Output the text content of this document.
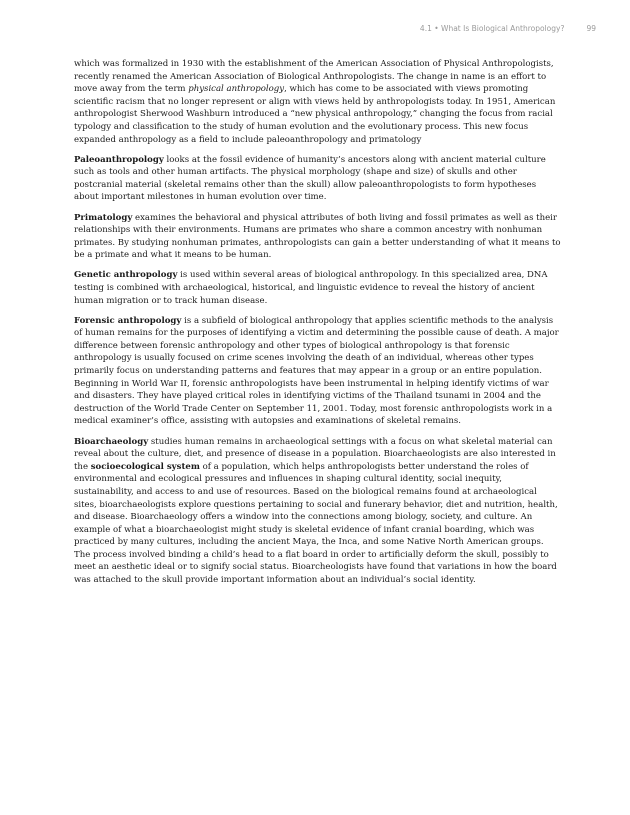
4.1 • What Is Biological Anthropology?	99

which was formalized in 1930 with the establishment of the American Association of Physical Anthropologists, recently renamed the American Association of Biological Anthropologists. The change in name is an effort to move away from the term physical anthropology, which has come to be associated with views promoting scientific racism that no longer represent or align with views held by anthropologists today. In 1951, American anthropologist Sherwood Washburn introduced a “new physical anthropology,” changing the focus from racial typology and classification to the study of human evolution and the evolutionary process. This new focus expanded anthropology as a field to include paleoanthropology and primatology

Paleoanthropology looks at the fossil evidence of humanity’s ancestors along with ancient material culture such as tools and other human artifacts. The physical morphology (shape and size) of skulls and other postcranial material (skeletal remains other than the skull) allow paleoanthropologists to form hypotheses about important milestones in human evolution over time.

Primatology examines the behavioral and physical attributes of both living and fossil primates as well as their relationships with their environments. Humans are primates who share a common ancestry with nonhuman primates. By studying nonhuman primates, anthropologists can gain a better understanding of what it means to be a primate and what it means to be human.

Genetic anthropology is used within several areas of biological anthropology. In this specialized area, DNA testing is combined with archaeological, historical, and linguistic evidence to reveal the history of ancient human migration or to track human disease.

Forensic anthropology is a subfield of biological anthropology that applies scientific methods to the analysis of human remains for the purposes of identifying a victim and determining the possible cause of death. A major difference between forensic anthropology and other types of biological anthropology is that forensic anthropology is usually focused on crime scenes involving the death of an individual, whereas other types primarily focus on understanding patterns and features that may appear in a group or an entire population. Beginning in World War II, forensic anthropologists have been instrumental in helping identify victims of war and disasters. They have played critical roles in identifying victims of the Thailand tsunami in 2004 and the destruction of the World Trade Center on September 11, 2001. Today, most forensic anthropologists work in a medical examiner’s office, assisting with autopsies and examinations of skeletal remains.

Bioarchaeology studies human remains in archaeological settings with a focus on what skeletal material can reveal about the culture, diet, and presence of disease in a population. Bioarchaeologists are also interested in the socioecological system of a population, which helps anthropologists better understand the roles of environmental and ecological pressures and influences in shaping cultural identity, social inequity, sustainability, and access to and use of resources. Based on the biological remains found at archaeological sites, bioarchaeologists explore questions pertaining to social and funerary behavior, diet and nutrition, health, and disease. Bioarchaeology offers a window into the connections among biology, society, and culture. An example of what a bioarchaeologist might study is skeletal evidence of infant cranial boarding, which was practiced by many cultures, including the ancient Maya, the Inca, and some Native North American groups. The process involved binding a child’s head to a flat board in order to artificially deform the skull, possibly to meet an aesthetic ideal or to signify social status. Bioarcheologists have found that variations in how the board was attached to the skull provide important information about an individual’s social identity.
